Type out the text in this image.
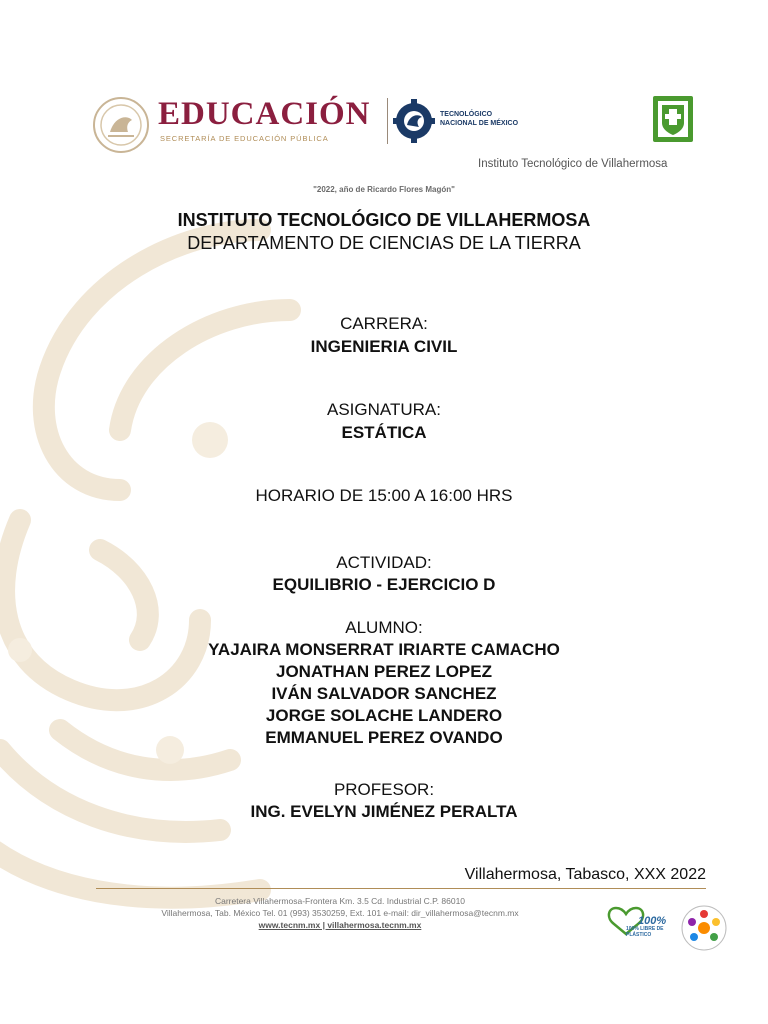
EDUCACIÓN
SECRETARÍA DE EDUCACIÓN PÚBLICA
TECNOLÓGICO
NACIONAL DE MÉXICO
Instituto Tecnológico de Villahermosa
"2022, año de Ricardo Flores Magón"
INSTITUTO TECNOLÓGICO DE VILLAHERMOSA
DEPARTAMENTO DE CIENCIAS DE LA TIERRA
CARRERA:
INGENIERIA CIVIL
ASIGNATURA:
ESTÁTICA
HORARIO DE 15:00 A 16:00 HRS
ACTIVIDAD:
EQUILIBRIO - EJERCICIO D
ALUMNO:
YAJAIRA MONSERRAT IRIARTE CAMACHO
JONATHAN PEREZ LOPEZ
IVÁN SALVADOR SANCHEZ
JORGE SOLACHE LANDERO
EMMANUEL PEREZ OVANDO
PROFESOR:
ING. EVELYN JIMÉNEZ PERALTA
Villahermosa, Tabasco, XXX 2022
Carretera Villahermosa-Frontera Km. 3.5 Cd. Industrial C.P. 86010
Villahermosa, Tab. México Tel. 01 (993) 3530259, Ext. 101 e-mail: dir_villahermosa@tecnm.mx
www.tecnm.mx | villahermosa.tecnm.mx	100%
100% LIBRE DE PLÁSTICO
